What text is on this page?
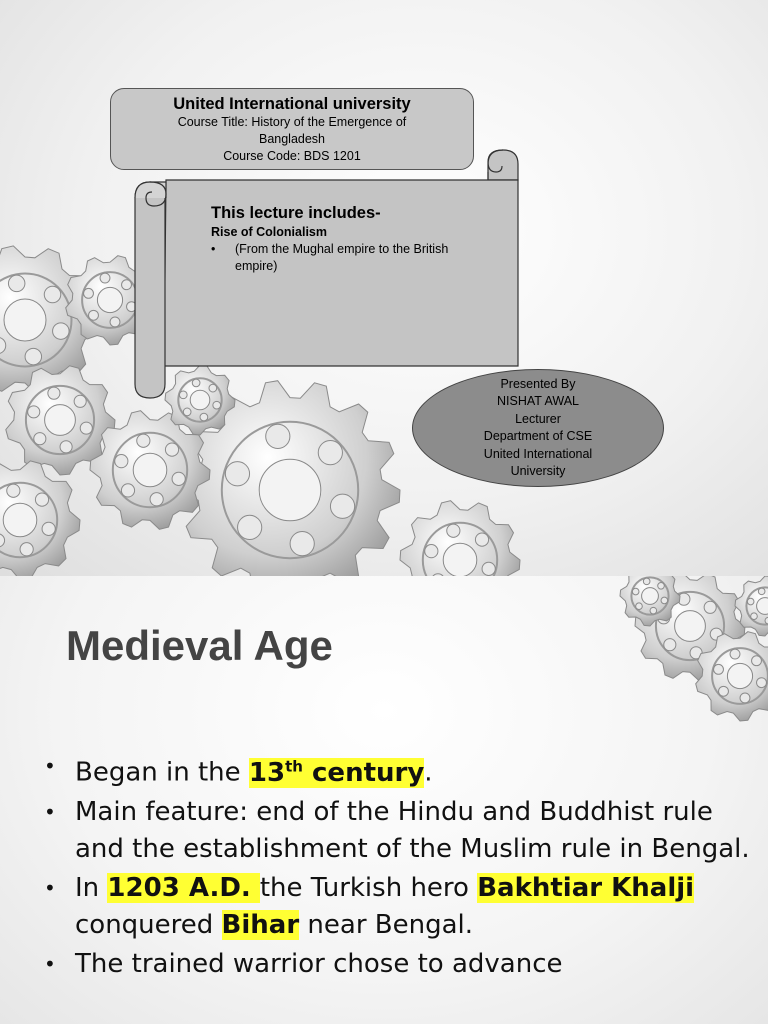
United International university
Course Title: History of the Emergence of
Bangladesh
Course Code: BDS 1201
This lecture includes-
Rise of Colonialism
•	(From the Mughal empire to the British
empire)
Presented By
NISHAT AWAL
Lecturer
Department of CSE
United International
University
Medieval Age
• Began in the 13th century.
• Main feature: end of the Hindu and Buddhist rule and the establishment of the Muslim rule in Bengal.
• In 1203 A.D. the Turkish hero Bakhtiar Khalji conquered Bihar near Bengal.
• The trained warrior chose to advance
